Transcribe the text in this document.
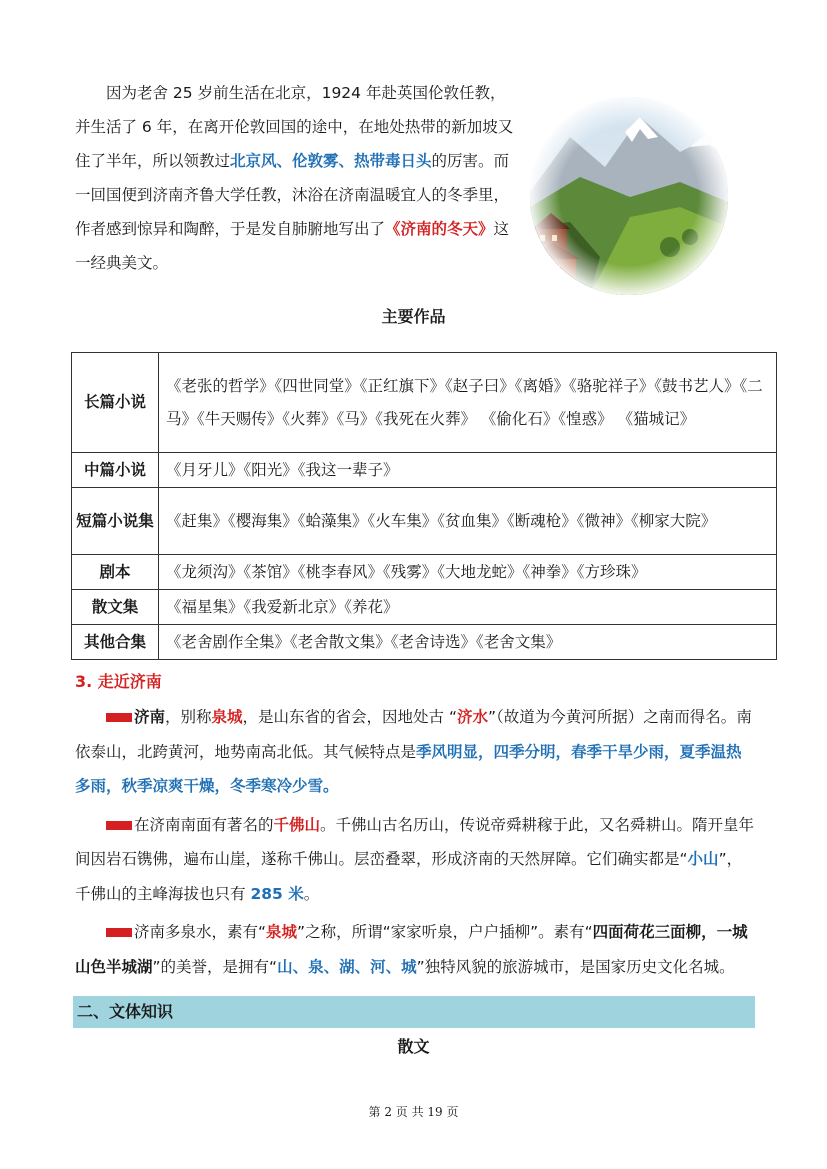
因为老舍 25 岁前生活在北京，1924 年赴英国伦敦任教，并生活了 6 年，在离开伦敦回国的途中，在地处热带的新加坡又住了半年，所以领教过北京风、伦敦雾、热带毒日头的厉害。而一回国便到济南齐鲁大学任教，沐浴在济南温暖宜人的冬季里，作者感到惊异和陶醉，于是发自肺腑地写出了《济南的冬天》这一经典美文。

主要作品
长篇小说	《老张的哲学》《四世同堂》《正红旗下》《赵子曰》《离婚》《骆驼祥子》《鼓书艺人》《二马》《牛天赐传》《火葬》《马》《我死在火葬》 《偷化石》《惶惑》 《猫城记》
中篇小说	《月牙儿》《阳光》《我这一辈子》
短篇小说集	《赶集》《樱海集》《蛤藻集》《火车集》《贫血集》《断魂枪》《微神》《柳家大院》
剧本	《龙须沟》《茶馆》《桃李春风》《残雾》《大地龙蛇》《神拳》《方珍珠》
散文集	《福星集》《我爱新北京》《养花》
其他合集	《老舍剧作全集》《老舍散文集》《老舍诗选》《老舍文集》
3. 走近济南

济南，别称泉城，是山东省的省会，因地处古 “济水”（故道为今黄河所据）之南而得名。南依泰山，北跨黄河，地势南高北低。其气候特点是季风明显，四季分明，春季干旱少雨，夏季温热多雨，秋季凉爽干燥，冬季寒冷少雪。

在济南南面有著名的千佛山。千佛山古名历山，传说帝舜耕稼于此，又名舜耕山。隋开皇年间因岩石镌佛，遍布山崖，遂称千佛山。层峦叠翠，形成济南的天然屏障。它们确实都是“小山”，千佛山的主峰海拔也只有 285 米。

济南多泉水，素有“泉城”之称，所谓“家家听泉，户户插柳”。素有“四面荷花三面柳，一城山色半城湖”的美誉，是拥有“山、泉、湖、河、城”独特风貌的旅游城市，是国家历史文化名城。

二、文体知识
散文
第 2 页 共 19 页
